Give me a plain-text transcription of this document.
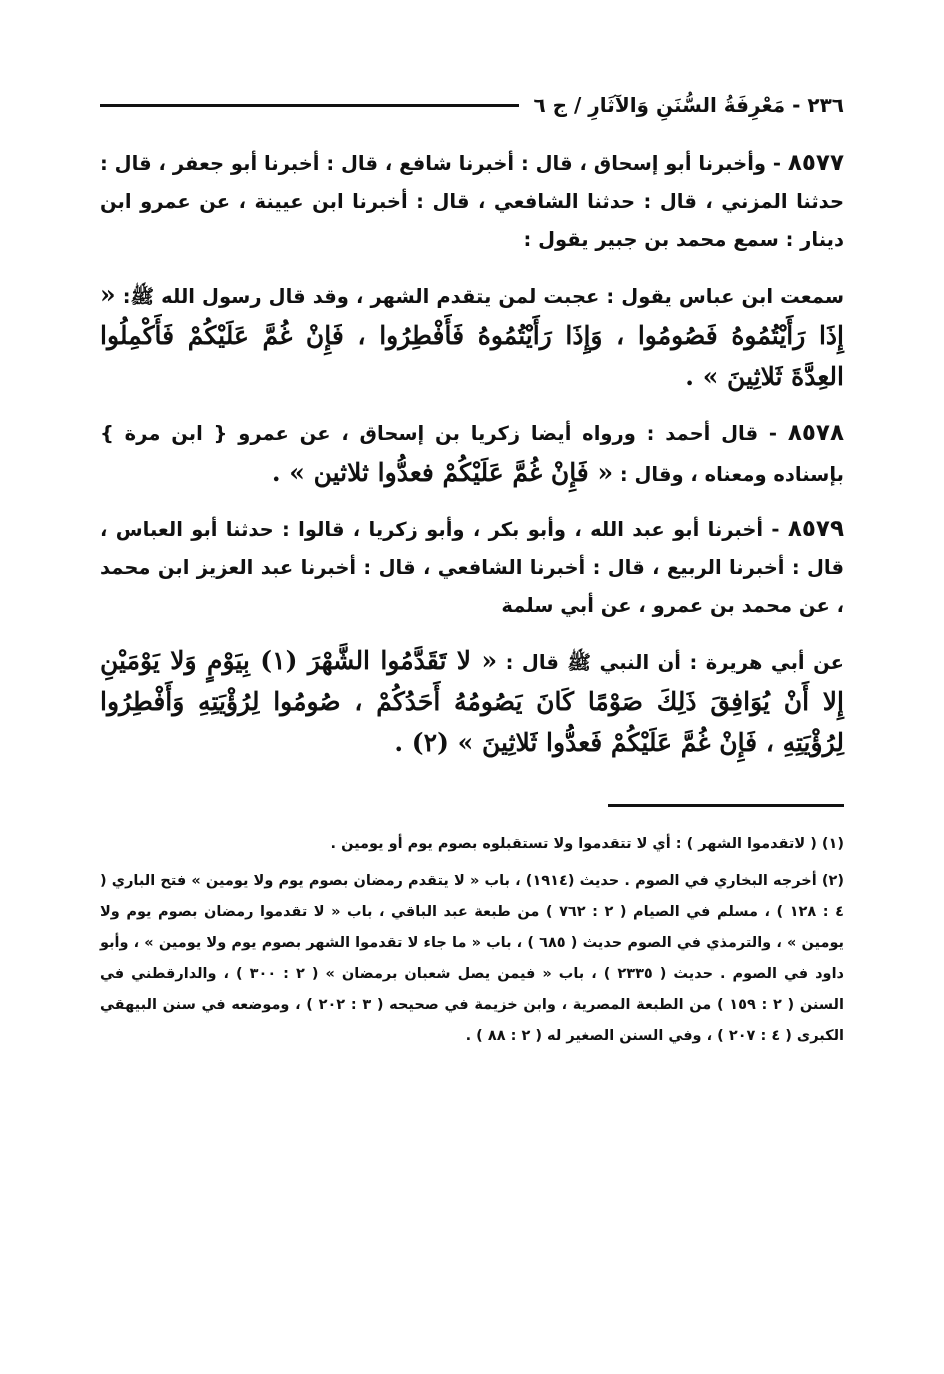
٢٣٦ - مَعْرِفَةُ السُّنَنِ وَالآثَارِ / ج ٦

٨٥٧٧ - وأخبرنا أبو إسحاق ، قال : أخبرنا شافع ، قال : أخبرنا أبو جعفر ، قال : حدثنا المزني ، قال : حدثنا الشافعي ، قال : أخبرنا ابن عيينة ، عن عمرو ابن دينار : سمع محمد بن جبير يقول :

سمعت ابن عباس يقول : عجبت لمن يتقدم الشهر ، وقد قال رسول الله ﷺ: « إِذَا رَأَيْتُمُوهُ فَصُومُوا ، وَإِذَا رَأَيْتُمُوهُ فَأَفْطِرُوا ، فَإِنْ غُمَّ عَلَيْكُمْ فَأَكْمِلُوا العِدَّةَ ثَلاثِينَ » .

٨٥٧٨ - قال أحمد : ورواه أيضا زكريا بن إسحاق ، عن عمرو { ابن مرة } بإسناده ومعناه ، وقال : « فَإِنْ غُمَّ عَلَيْكُمْ فعدُّوا ثلاثين » .

٨٥٧٩ - أخبرنا أبو عبد الله ، وأبو بكر ، وأبو زكريا ، قالوا : حدثنا أبو العباس ، قال : أخبرنا الربيع ، قال : أخبرنا الشافعي ، قال : أخبرنا عبد العزيز ابن محمد ، عن محمد بن عمرو ، عن أبي سلمة

عن أبي هريرة : أن النبي ﷺ قال : « لا تَقَدَّمُوا الشَّهْرَ (١) بِيَوْمٍ وَلا يَوْمَيْنِ إِلا أَنْ يُوَافِقَ ذَلِكَ صَوْمًا كَانَ يَصُومُهُ أَحَدُكُمْ ، صُومُوا لِرُؤْيَتِهِ وَأَفْطِرُوا لِرُؤْيَتِهِ ، فَإِنْ غُمَّ عَلَيْكُمْ فَعدُّوا ثَلاثِينَ » (٢) .

(١) ( لاتقدموا الشهر ) : أي لا تتقدموا ولا تستقبلوه بصوم يوم أو يومين .

(٢) أخرجه البخاري في الصوم . حديث (١٩١٤) ، باب « لا يتقدم رمضان بصوم يوم ولا يومين » فتح الباري ( ٤ : ١٢٨ ) ، مسلم في الصيام ( ٢ : ٧٦٢ ) من طبعة عبد الباقي ، باب « لا تقدموا رمضان بصوم يوم ولا يومين » ، والترمذي في الصوم حديث ( ٦٨٥ ) ، باب « ما جاء لا تقدموا الشهر بصوم يوم ولا يومين » ، وأبو داود في الصوم . حديث ( ٢٣٣٥ ) ، باب « فيمن يصل شعبان برمضان » ( ٢ : ٣٠٠ ) ، والدارقطني في السنن ( ٢ : ١٥٩ ) من الطبعة المصرية ، وابن خزيمة في صحيحه ( ٣ : ٢٠٢ ) ، وموضعه في سنن البيهقي الكبرى ( ٤ : ٢٠٧ ) ، وفي السنن الصغير له ( ٢ : ٨٨ ) .
